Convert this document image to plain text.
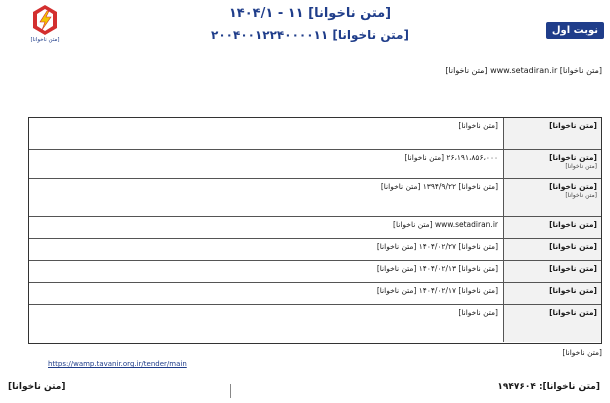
[متن ناخوانا]
[متن ناخوانا] ۱۱ - ۱۴۰۴/۱
[متن ناخوانا] ۲۰۰۴۰۰۱۲۲۴۰۰۰۰۱۱	نوبت اول
[متن ناخوانا] www.setadiran.ir [متن ناخوانا]
[متن ناخوانا]
[متن ناخوانا]
[متن ناخوانا]
[متن ناخوانا]
۲۶،۱۹۱،۸۵۶،۰۰۰ [متن ناخوانا]
[متن ناخوانا]
[متن ناخوانا]
[متن ناخوانا] ۱۳۹۴/۹/۲۲ [متن ناخوانا]
[متن ناخوانا]
www.setadiran.ir [متن ناخوانا]
[متن ناخوانا]
[متن ناخوانا] ۱۴۰۴/۰۲/۲۷ [متن ناخوانا]
[متن ناخوانا]
[متن ناخوانا] ۱۴۰۴/۰۲/۱۳ [متن ناخوانا]
[متن ناخوانا]
[متن ناخوانا] ۱۴۰۴/۰۲/۱۷ [متن ناخوانا]
[متن ناخوانا]
[متن ناخوانا]
[متن ناخوانا]
https://wamp.tavanir.org.ir/tender/main
[متن ناخوانا]: ۱۹۴۷۶۰۴
[متن ناخوانا]
